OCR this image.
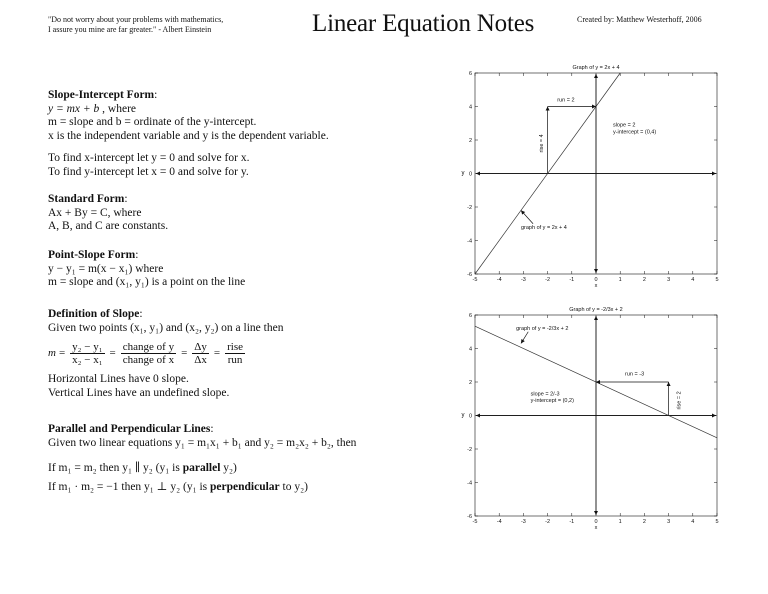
"Do not worry about your problems with mathematics,
I assure you mine are far greater." - Albert Einstein	Linear Equation Notes	Created by: Matthew Westerhoff, 2006
Slope-Intercept Form:
y = mx + b , where
m = slope and b = ordinate of the y-intercept.
x is the independent variable and y is the dependent variable.
To find x-intercept let y = 0 and solve for x.
To find y-intercept let x = 0 and solve for y.
Standard Form:
Ax + By = C, where
A, B, and C are constants.
Point-Slope Form:
y − y₁ = m(x − x₁) where
m = slope and (x₁, y₁) is a point on the line
Definition of Slope:
Given two points (x₁, y₁) and (x₂, y₂) on a line then
$m = \frac{\text{y₂ − y₁}}{\text{x₂ − x₁}} = \frac{\text{change of y}}{\text{change of x}} = \frac{\Delta y}{\Delta x} = \frac{\text{rise}}{\text{run}}$
Horizontal Lines have 0 slope.
Vertical Lines have an undefined slope.
Parallel and Perpendicular Lines:
Given two linear equations y₁ = m₁x₁ + b₁ and y₂ = m₂x₂ + b₂, then
If m₁ = m₂ then y₁ ∥ y₂ (y₁ is parallel y₂)
If m₁ · m₂ = −1 then y₁ ⊥ y₂ (y₁ is perpendicular to y₂)
Graph of y = 2x + 4
-5	-4	-3	-2	-1	0	1	2	3	4	5
-6
-4
-2
0
2
4
6
x
y
run = 2
rise = 4
slope = 2
y-intercept = (0,4)
graph of y = 2x + 4
Graph of y = -2/3x + 2
-5	-4	-3	-2	-1	0	1	2	3	4	5
-6
-4
-2
0
2
4
6
x
y
run = -3
rise = 2
slope = 2/-3
y-intercept = (0,2)
graph of y = -2/3x + 2
